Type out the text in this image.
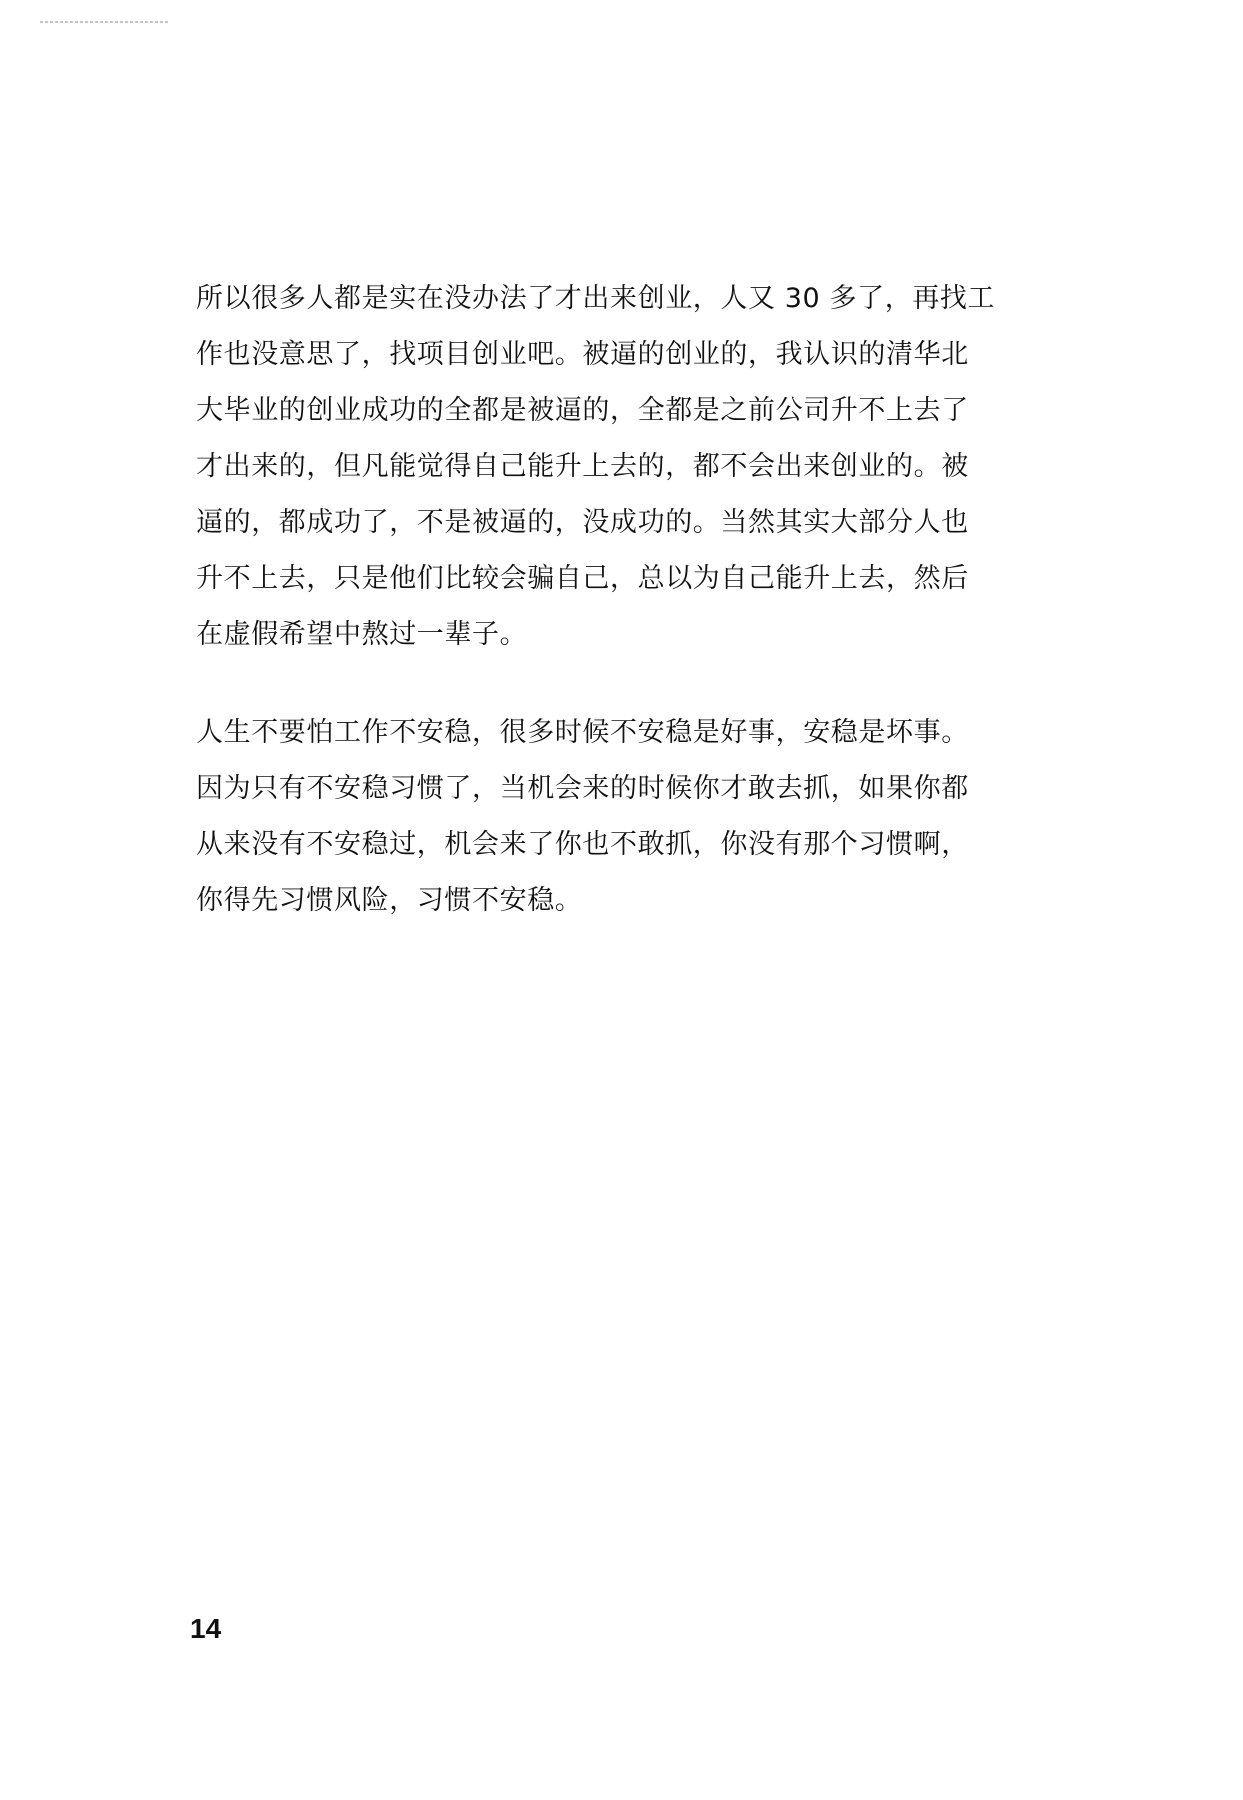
所以很多人都是实在没办法了才出来创业，人又 30 多了，再找工
作也没意思了，找项目创业吧。被逼的创业的，我认识的清华北
大毕业的创业成功的全都是被逼的，全都是之前公司升不上去了
才出来的，但凡能觉得自己能升上去的，都不会出来创业的。被
逼的，都成功了，不是被逼的，没成功的。当然其实大部分人也
升不上去，只是他们比较会骗自己，总以为自己能升上去，然后
在虚假希望中熬过一辈子。

人生不要怕工作不安稳，很多时候不安稳是好事，安稳是坏事。
因为只有不安稳习惯了，当机会来的时候你才敢去抓，如果你都
从来没有不安稳过，机会来了你也不敢抓，你没有那个习惯啊，
你得先习惯风险，习惯不安稳。

14
